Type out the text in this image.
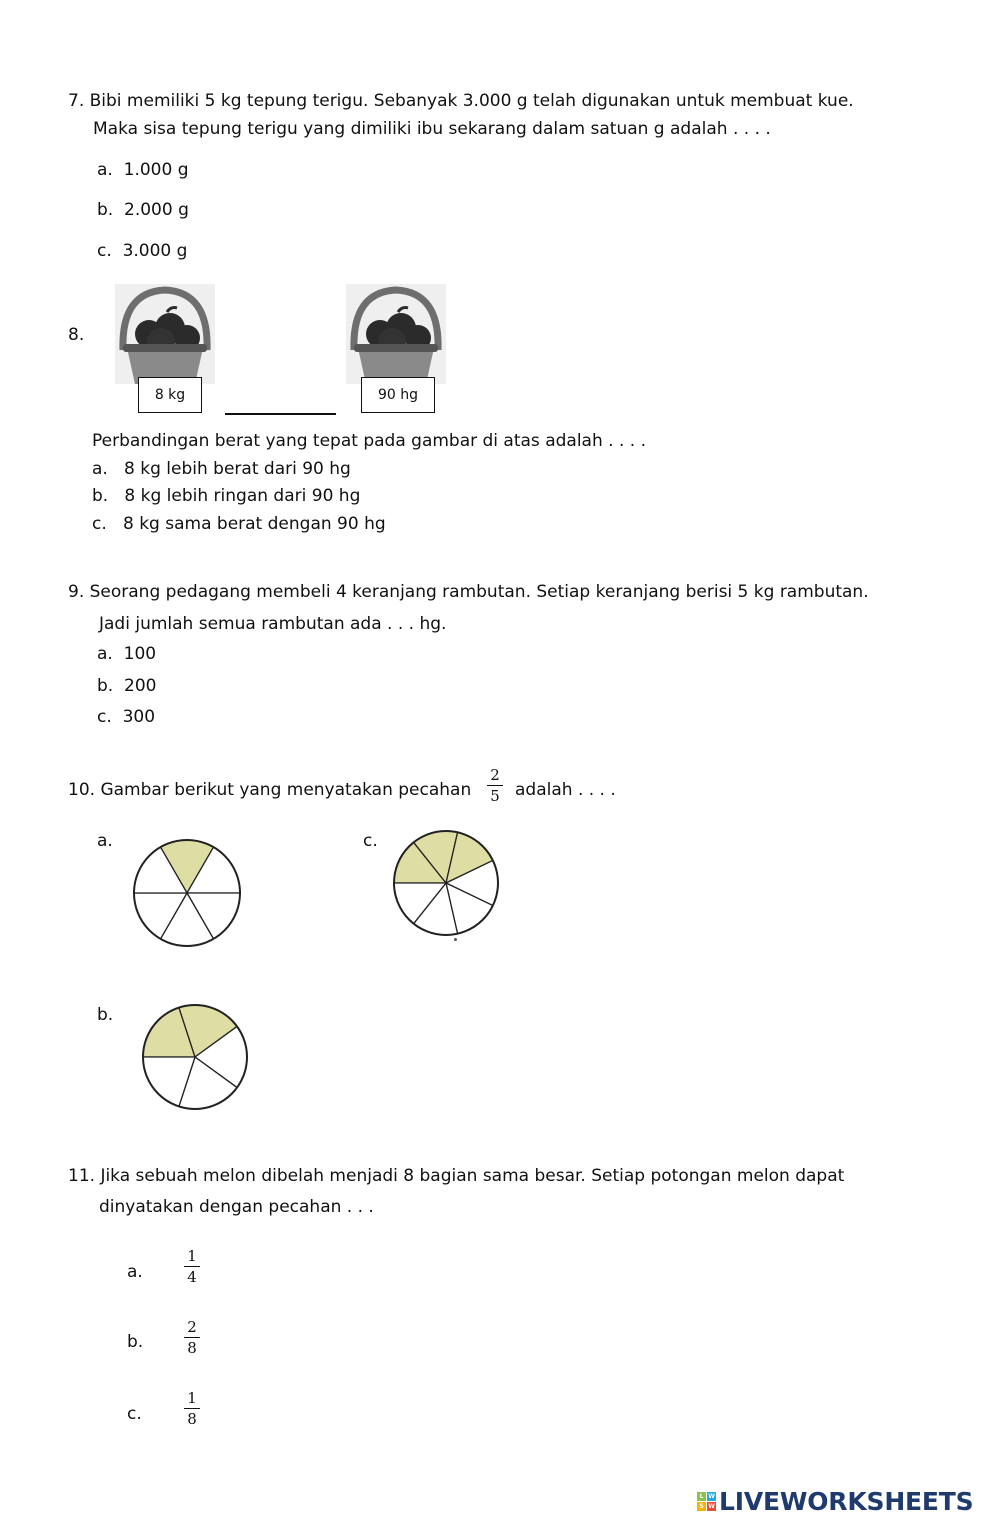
7. Bibi memiliki 5 kg tepung terigu. Sebanyak 3.000 g telah digunakan untuk membuat kue.
Maka sisa tepung terigu yang dimiliki ibu sekarang dalam satuan g adalah . . . .
a. 1.000 g
b. 2.000 g
c. 3.000 g
8.
8 kg	90 hg
Perbandingan berat yang tepat pada gambar di atas adalah . . . .
a. 8 kg lebih berat dari 90 hg
b. 8 kg lebih ringan dari 90 hg
c. 8 kg sama berat dengan 90 hg
9. Seorang pedagang membeli 4 keranjang rambutan. Setiap keranjang berisi 5 kg rambutan.
Jadi jumlah semua rambutan ada . . . hg.
a. 100
b. 200
c. 300
10. Gambar berikut yang menyatakan pecahan
2
5 adalah . . . .
a.	c.
b.
11. Jika sebuah melon dibelah menjadi 8 bagian sama besar. Setiap potongan melon dapat
dinyatakan dengan pecahan . . .
a.
1
4
b.
2
8
c.
1
8
L W
S W LIVEWORKSHEETS
